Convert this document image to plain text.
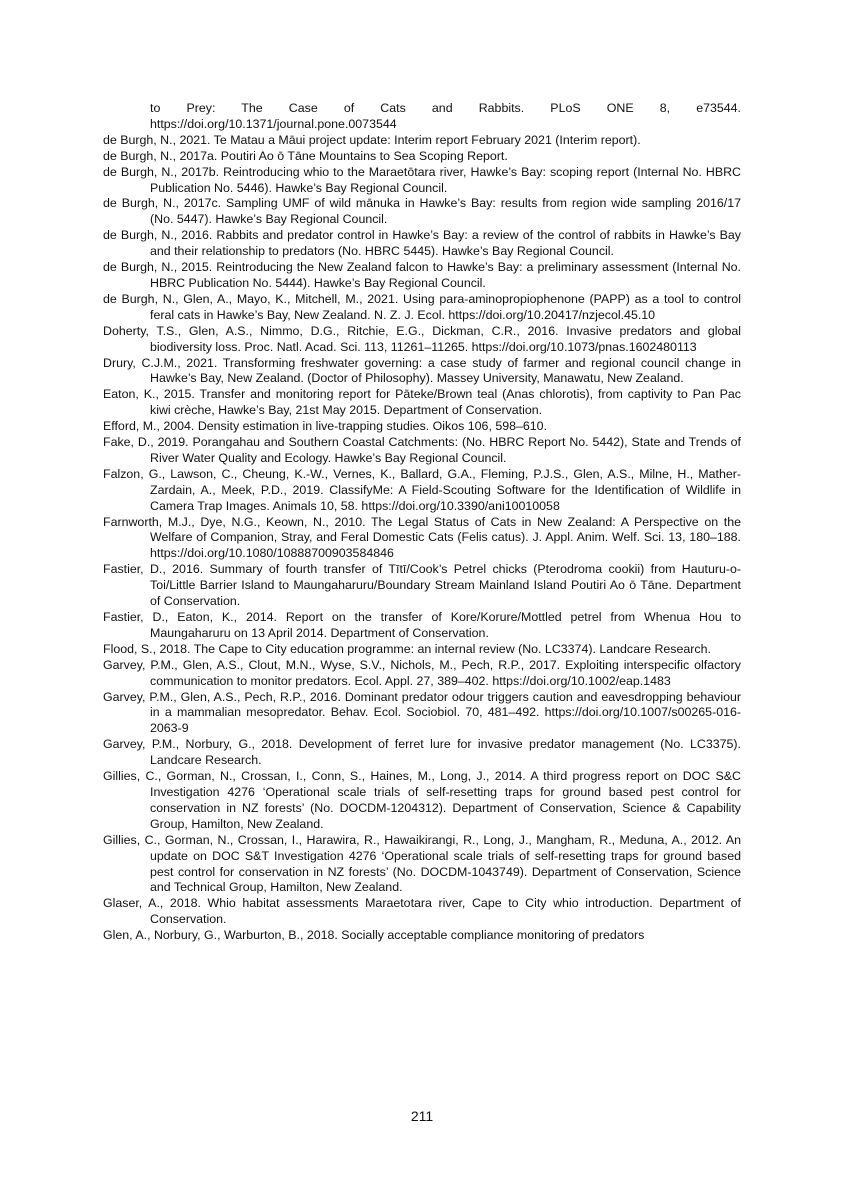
to Prey: The Case of Cats and Rabbits. PLoS ONE 8, e73544. https://doi.org/10.1371/journal.pone.0073544

de Burgh, N., 2021. Te Matau a Māui project update: Interim report February 2021 (Interim report).

de Burgh, N., 2017a. Poutiri Ao ō Tāne Mountains to Sea Scoping Report.

de Burgh, N., 2017b. Reintroducing whio to the Maraetōtara river, Hawke’s Bay: scoping report (Internal No. HBRC Publication No. 5446). Hawke’s Bay Regional Council.

de Burgh, N., 2017c. Sampling UMF of wild mānuka in Hawke’s Bay: results from region wide sampling 2016/17 (No. 5447). Hawke’s Bay Regional Council.

de Burgh, N., 2016. Rabbits and predator control in Hawke’s Bay: a review of the control of rabbits in Hawke’s Bay and their relationship to predators (No. HBRC 5445). Hawke’s Bay Regional Council.

de Burgh, N., 2015. Reintroducing the New Zealand falcon to Hawke’s Bay: a preliminary assessment (Internal No. HBRC Publication No. 5444). Hawke’s Bay Regional Council.

de Burgh, N., Glen, A., Mayo, K., Mitchell, M., 2021. Using para-aminopropiophenone (PAPP) as a tool to control feral cats in Hawke’s Bay, New Zealand. N. Z. J. Ecol. https://doi.org/10.20417/nzjecol.45.10

Doherty, T.S., Glen, A.S., Nimmo, D.G., Ritchie, E.G., Dickman, C.R., 2016. Invasive predators and global biodiversity loss. Proc. Natl. Acad. Sci. 113, 11261–11265. https://doi.org/10.1073/pnas.1602480113

Drury, C.J.M., 2021. Transforming freshwater governing: a case study of farmer and regional council change in Hawke’s Bay, New Zealand. (Doctor of Philosophy). Massey University, Manawatu, New Zealand.

Eaton, K., 2015. Transfer and monitoring report for Pāteke/Brown teal (Anas chlorotis), from captivity to Pan Pac kiwi crèche, Hawke’s Bay, 21st May 2015. Department of Conservation.

Efford, M., 2004. Density estimation in live-trapping studies. Oikos 106, 598–610.

Fake, D., 2019. Porangahau and Southern Coastal Catchments: (No. HBRC Report No. 5442), State and Trends of River Water Quality and Ecology. Hawke’s Bay Regional Council.

Falzon, G., Lawson, C., Cheung, K.-W., Vernes, K., Ballard, G.A., Fleming, P.J.S., Glen, A.S., Milne, H., Mather-Zardain, A., Meek, P.D., 2019. ClassifyMe: A Field-Scouting Software for the Identification of Wildlife in Camera Trap Images. Animals 10, 58. https://doi.org/10.3390/ani10010058

Farnworth, M.J., Dye, N.G., Keown, N., 2010. The Legal Status of Cats in New Zealand: A Perspective on the Welfare of Companion, Stray, and Feral Domestic Cats (Felis catus). J. Appl. Anim. Welf. Sci. 13, 180–188. https://doi.org/10.1080/10888700903584846

Fastier, D., 2016. Summary of fourth transfer of Tītī/Cook’s Petrel chicks (Pterodroma cookii) from Hauturu-o-Toi/Little Barrier Island to Maungaharuru/Boundary Stream Mainland Island Poutiri Ao ō Tāne. Department of Conservation.

Fastier, D., Eaton, K., 2014. Report on the transfer of Kore/Korure/Mottled petrel from Whenua Hou to Maungaharuru on 13 April 2014. Department of Conservation.

Flood, S., 2018. The Cape to City education programme: an internal review (No. LC3374). Landcare Research.

Garvey, P.M., Glen, A.S., Clout, M.N., Wyse, S.V., Nichols, M., Pech, R.P., 2017. Exploiting interspecific olfactory communication to monitor predators. Ecol. Appl. 27, 389–402. https://doi.org/10.1002/eap.1483

Garvey, P.M., Glen, A.S., Pech, R.P., 2016. Dominant predator odour triggers caution and eavesdropping behaviour in a mammalian mesopredator. Behav. Ecol. Sociobiol. 70, 481–492. https://doi.org/10.1007/s00265-016-2063-9

Garvey, P.M., Norbury, G., 2018. Development of ferret lure for invasive predator management (No. LC3375). Landcare Research.

Gillies, C., Gorman, N., Crossan, I., Conn, S., Haines, M., Long, J., 2014. A third progress report on DOC S&C Investigation 4276 ‘Operational scale trials of self-resetting traps for ground based pest control for conservation in NZ forests’ (No. DOCDM-1204312). Department of Conservation, Science & Capability Group, Hamilton, New Zealand.

Gillies, C., Gorman, N., Crossan, I., Harawira, R., Hawaikirangi, R., Long, J., Mangham, R., Meduna, A., 2012. An update on DOC S&T Investigation 4276 ‘Operational scale trials of self-resetting traps for ground based pest control for conservation in NZ forests’ (No. DOCDM-1043749). Department of Conservation, Science and Technical Group, Hamilton, New Zealand.

Glaser, A., 2018. Whio habitat assessments Maraetotara river, Cape to City whio introduction. Department of Conservation.

Glen, A., Norbury, G., Warburton, B., 2018. Socially acceptable compliance monitoring of predators

211
